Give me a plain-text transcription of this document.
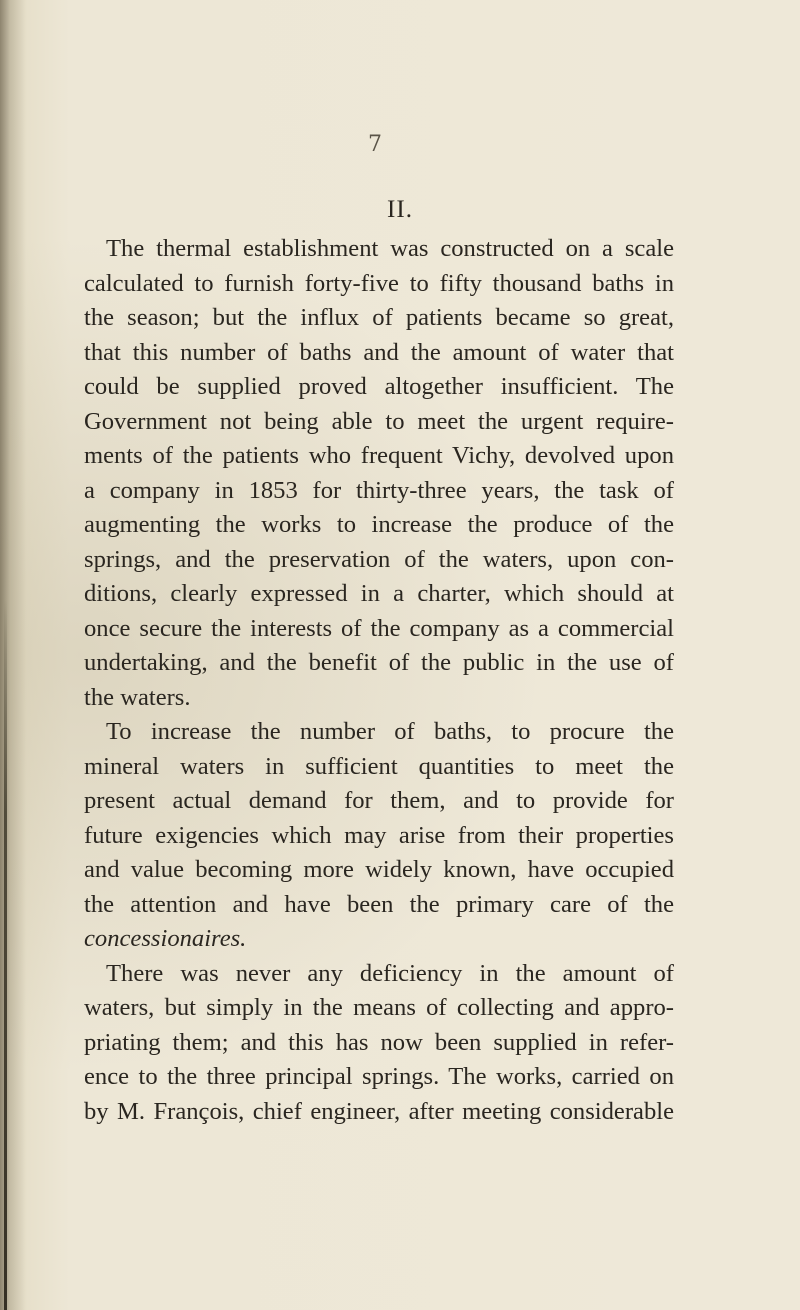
7
II.

The thermal establishment was constructed on a scale
calculated to furnish forty-five to fifty thousand baths in
the season; but the influx of patients became so great,
that this number of baths and the amount of water that
could be supplied proved altogether insufficient. The
Government not being able to meet the urgent require-
ments of the patients who frequent Vichy, devolved upon
a company in 1853 for thirty-three years, the task of
augmenting the works to increase the produce of the
springs, and the preservation of the waters, upon con-
ditions, clearly expressed in a charter, which should at
once secure the interests of the company as a commercial
undertaking, and the benefit of the public in the use of
the waters.

To increase the number of baths, to procure the
mineral waters in sufficient quantities to meet the
present actual demand for them, and to provide for
future exigencies which may arise from their properties
and value becoming more widely known, have occupied
the attention and have been the primary care of the
concessionaires.

There was never any deficiency in the amount of
waters, but simply in the means of collecting and appro-
priating them; and this has now been supplied in refer-
ence to the three principal springs. The works, carried on
by M. François, chief engineer, after meeting considerable
